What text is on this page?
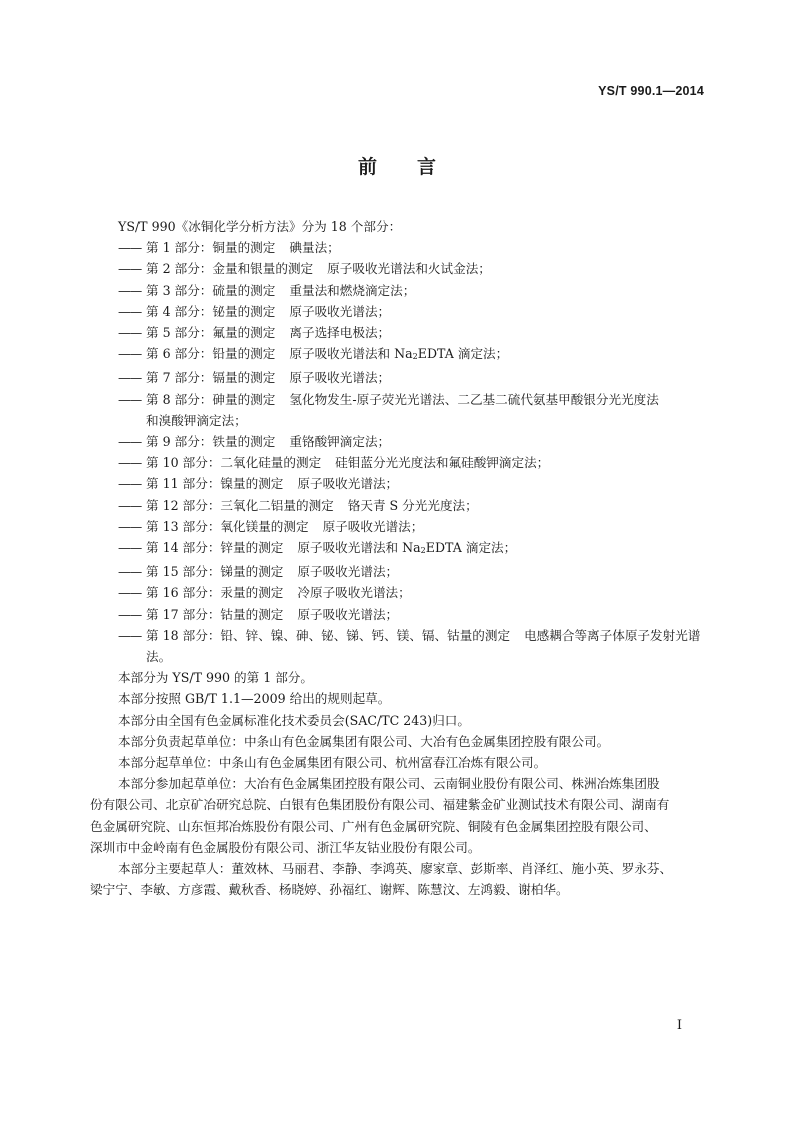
YS/T 990.1—2014
前 言

YS/T 990《冰铜化学分析方法》分为 18 个部分：

—— 第 1 部分：铜量的测定 碘量法；

—— 第 2 部分：金量和银量的测定 原子吸收光谱法和火试金法；

—— 第 3 部分：硫量的测定 重量法和燃烧滴定法；

—— 第 4 部分：铋量的测定 原子吸收光谱法；

—— 第 5 部分：氟量的测定 离子选择电极法；

—— 第 6 部分：铅量的测定 原子吸收光谱法和 $Na_2EDTA$ 滴定法；

—— 第 7 部分：镉量的测定 原子吸收光谱法；

—— 第 8 部分：砷量的测定 氢化物发生-原子荧光光谱法、二乙基二硫代氨基甲酸银分光光度法
和溴酸钾滴定法；

—— 第 9 部分：铁量的测定 重铬酸钾滴定法；

—— 第 10 部分：二氧化硅量的测定 硅钼蓝分光光度法和氟硅酸钾滴定法；

—— 第 11 部分：镍量的测定 原子吸收光谱法；

—— 第 12 部分：三氧化二铝量的测定 铬天青 S 分光光度法；

—— 第 13 部分：氧化镁量的测定 原子吸收光谱法；

—— 第 14 部分：锌量的测定 原子吸收光谱法和 $Na_2EDTA$ 滴定法；

—— 第 15 部分：锑量的测定 原子吸收光谱法；

—— 第 16 部分：汞量的测定 冷原子吸收光谱法；

—— 第 17 部分：钴量的测定 原子吸收光谱法；

—— 第 18 部分：铅、锌、镍、砷、铋、锑、钙、镁、镉、钴量的测定 电感耦合等离子体原子发射光谱法。

本部分为 YS/T 990 的第 1 部分。

本部分按照 GB/T 1.1—2009 给出的规则起草。

本部分由全国有色金属标准化技术委员会(SAC/TC 243)归口。

本部分负责起草单位：中条山有色金属集团有限公司、大冶有色金属集团控股有限公司。

本部分起草单位：中条山有色金属集团有限公司、杭州富春江冶炼有限公司。

本部分参加起草单位：大冶有色金属集团控股有限公司、云南铜业股份有限公司、株洲冶炼集团股

份有限公司、北京矿冶研究总院、白银有色集团股份有限公司、福建紫金矿业测试技术有限公司、湖南有

色金属研究院、山东恒邦冶炼股份有限公司、广州有色金属研究院、铜陵有色金属集团控股有限公司、

深圳市中金岭南有色金属股份有限公司、浙江华友钴业股份有限公司。

本部分主要起草人：董效林、马丽君、李静、李鸿英、廖家章、彭斯率、肖泽红、施小英、罗永芬、

梁宁宁、李敏、方彦霞、戴秋香、杨晓婷、孙福红、谢辉、陈慧汶、左鸿毅、谢柏华。

I
